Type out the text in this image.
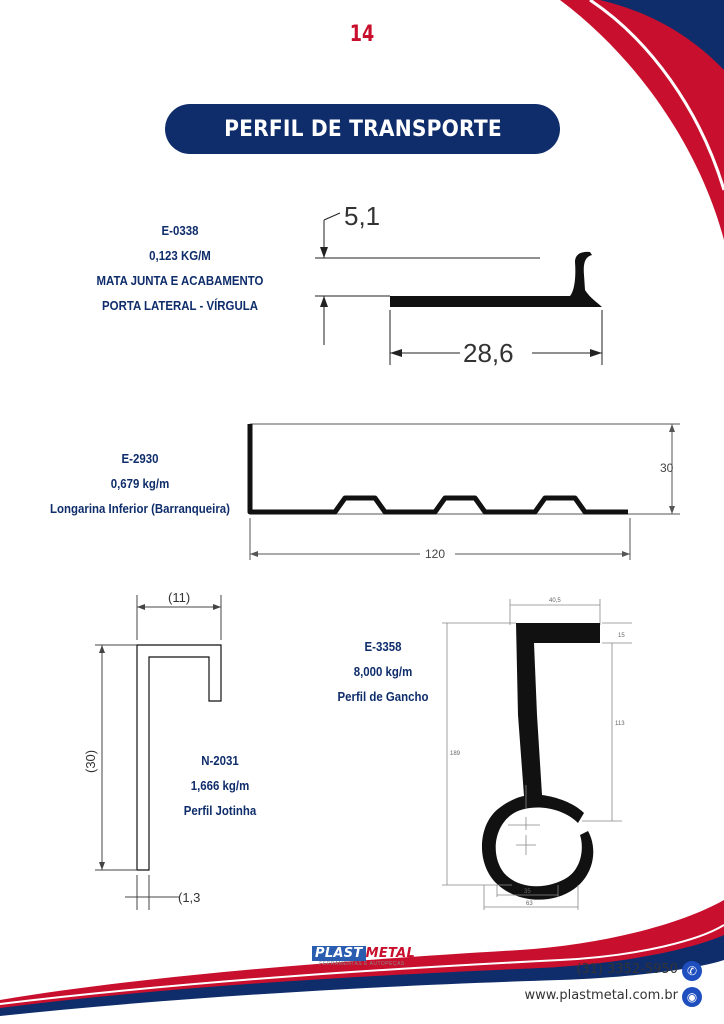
14
PERFIL DE TRANSPORTE
E-0338
0,123 KG/M
MATA JUNTA E ACABAMENTO
PORTA LATERAL - VÍRGULA
5,1
28,6
E-2930
0,679 kg/m
Longarina Inferior (Barranqueira)
30
120
(11)
(30)
(1,3
N-2031
1,666 kg/m
Perfil Jotinha
E-3358
8,000 kg/m
Perfil de Gancho
40,5
15
113
189
35
63
PLAST METAL
FERRAMENTAS E AUTOPEÇAS	(31) 3352-5950 ✆
www.plastmetal.com.br ◉
